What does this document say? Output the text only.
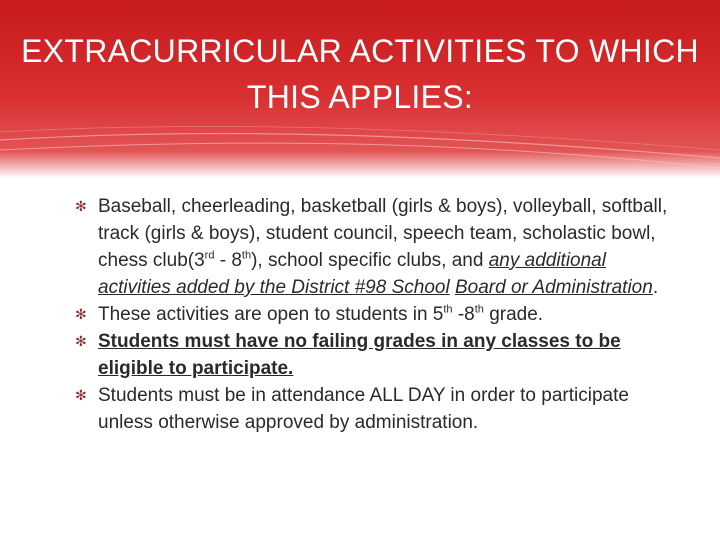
EXTRACURRICULAR ACTIVITIES TO WHICH
THIS APPLIES:
✻ Baseball, cheerleading, basketball (girls & boys), volleyball, softball, track (girls & boys), student council, speech team, scholastic bowl, chess club(3rd - 8th), school specific clubs, and any additional activities added by the District #98 School Board or Administration.
✻ These activities are open to students in 5th -8th grade.
✻ Students must have no failing grades in any classes to be eligible to participate.
✻ Students must be in attendance ALL DAY in order to participate unless otherwise approved by administration.
